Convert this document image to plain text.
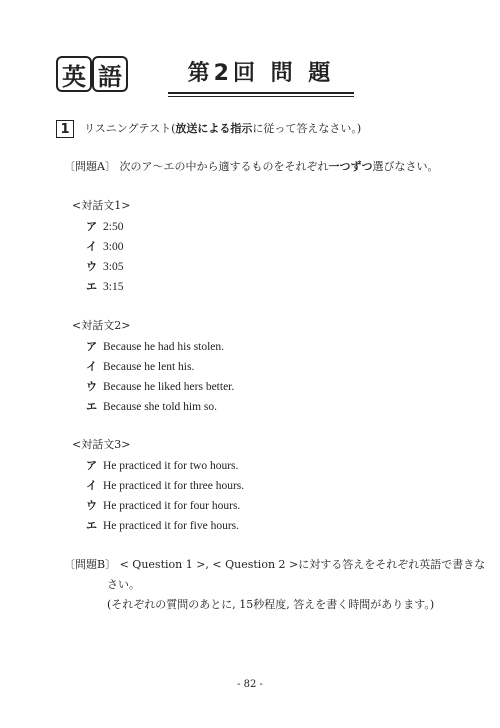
英 語	第2回 問 題
1	リスニングテスト(放送による指示に従って答えなさい。)
〔問題A〕 次のア〜エの中から適するものをそれぞれ一つずつ選びなさい。
<対話文1>
ア 2:50
イ 3:00
ウ 3:05
エ 3:15
<対話文2>
ア Because he had his stolen.
イ Because he lent his.
ウ Because he liked hers better.
エ Because she told him so.
<対話文3>
ア He practiced it for two hours.
イ He practiced it for three hours.
ウ He practiced it for four hours.
エ He practiced it for five hours.
〔問題B〕 < Question 1 >, < Question 2 >に対する答えをそれぞれ英語で書きな
さい。
(それぞれの質問のあとに, 15秒程度, 答えを書く時間があります。)
- 82 -
